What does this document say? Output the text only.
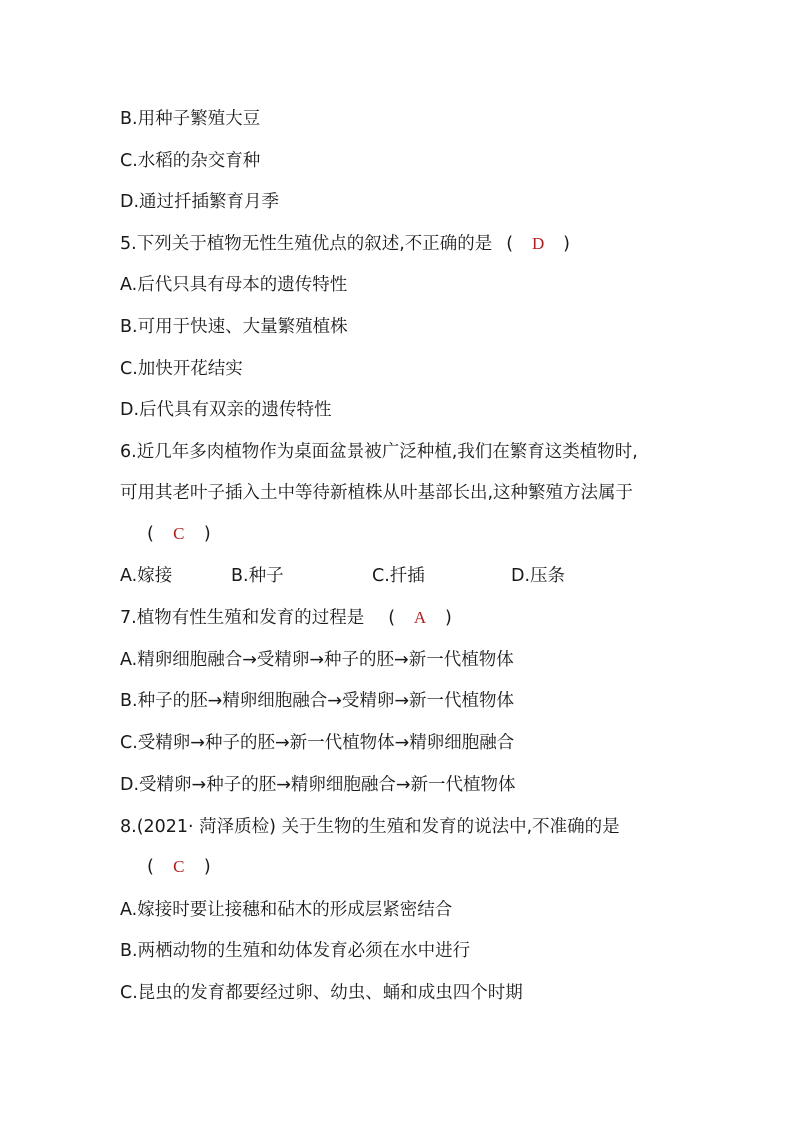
B.用种子繁殖大豆
C.水稻的杂交育种
D.通过扦插繁育月季
5.下列关于植物无性生殖优点的叙述,不正确的是 ( D )
A.后代只具有母本的遗传特性
B.可用于快速、大量繁殖植株
C.加快开花结实
D.后代具有双亲的遗传特性
6.近几年多肉植物作为桌面盆景被广泛种植,我们在繁育这类植物时,
可用其老叶子插入土中等待新植株从叶基部长出,这种繁殖方法属于
( C )
A.嫁接	B.种子	C.扦插	D.压条
7.植物有性生殖和发育的过程是 ( A )
A.精卵细胞融合→受精卵→种子的胚→新一代植物体
B.种子的胚→精卵细胞融合→受精卵→新一代植物体
C.受精卵→种子的胚→新一代植物体→精卵细胞融合
D.受精卵→种子的胚→精卵细胞融合→新一代植物体
8.(2021· 菏泽质检) 关于生物的生殖和发育的说法中,不准确的是
( C )
A.嫁接时要让接穗和砧木的形成层紧密结合
B.两栖动物的生殖和幼体发育必须在水中进行
C.昆虫的发育都要经过卵、幼虫、蛹和成虫四个时期
